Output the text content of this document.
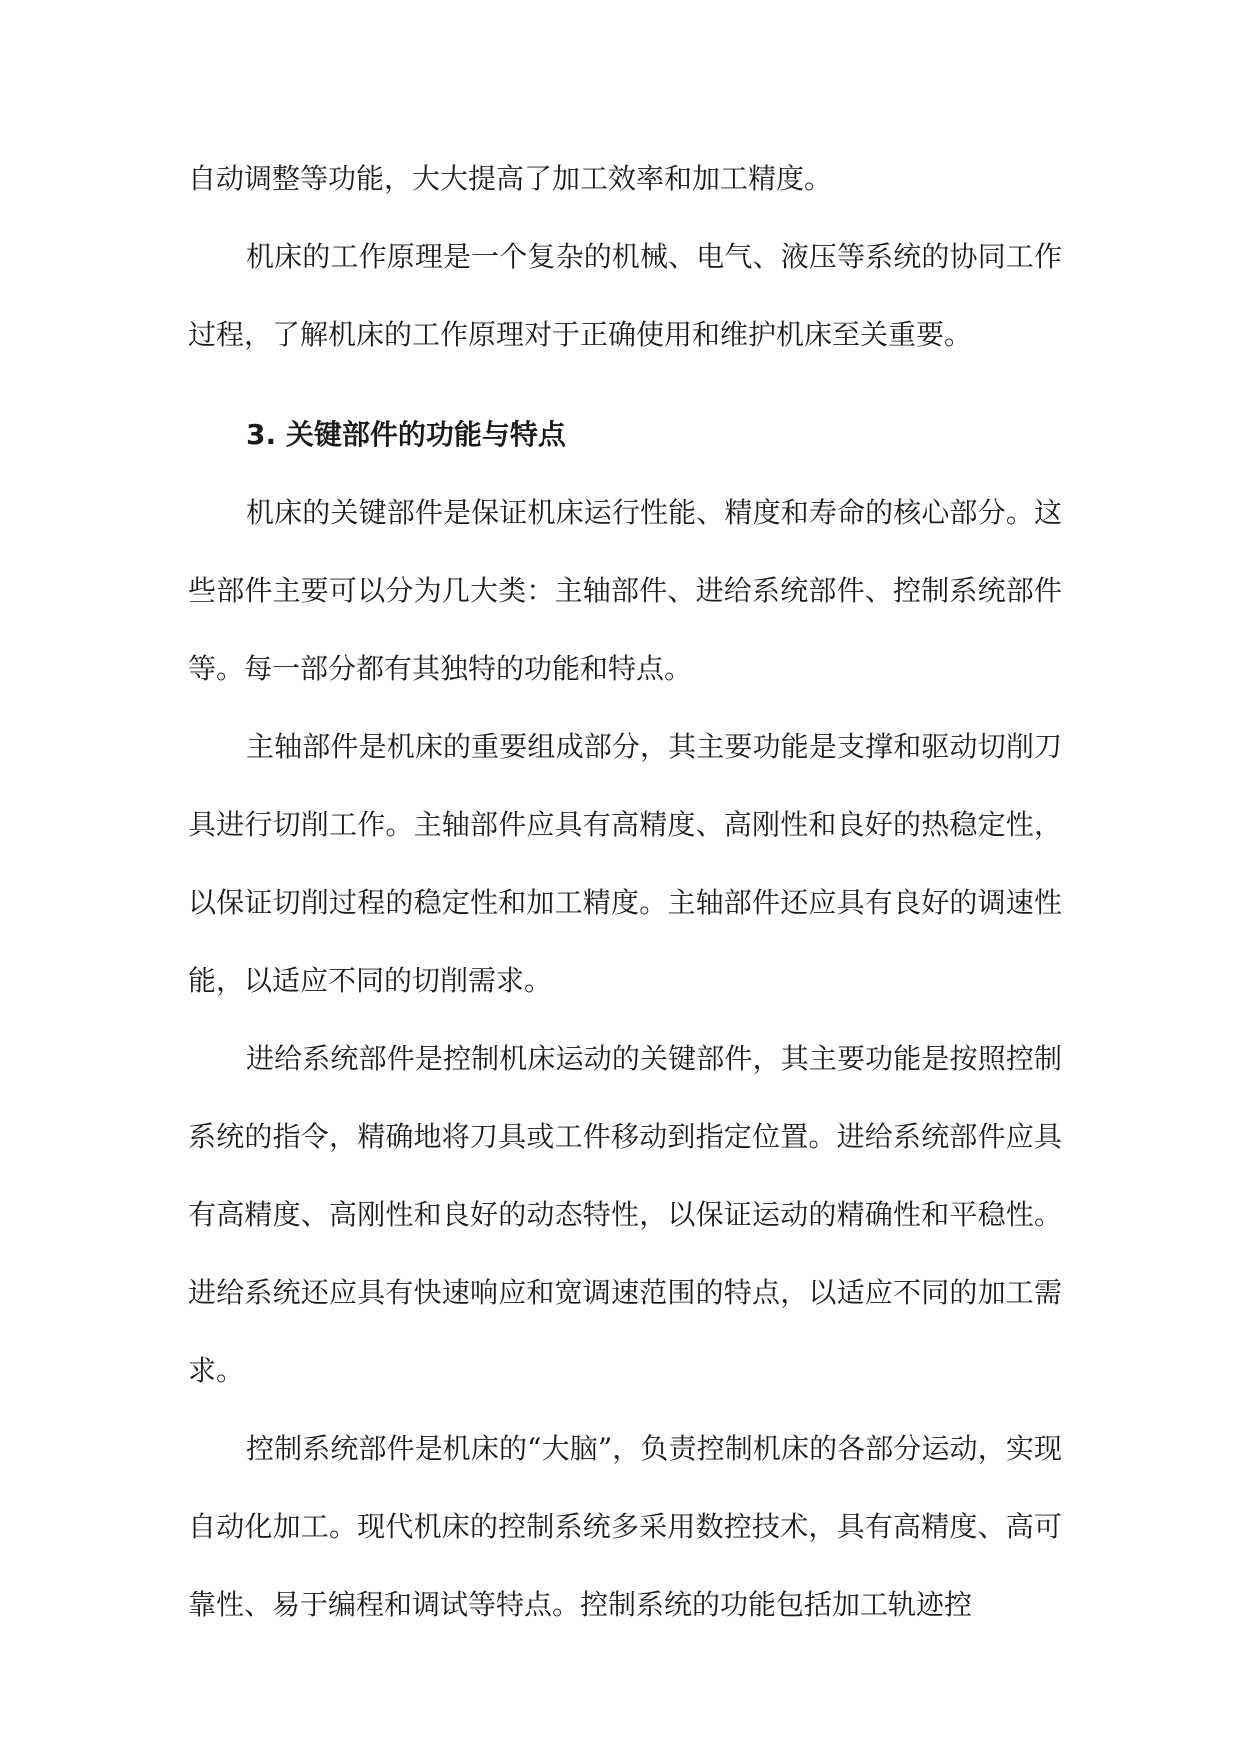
自动调整等功能，大大提高了加工效率和加工精度。

机床的工作原理是一个复杂的机械、电气、液压等系统的协同工作过程，了解机床的工作原理对于正确使用和维护机床至关重要。

3. 关键部件的功能与特点

机床的关键部件是保证机床运行性能、精度和寿命的核心部分。这些部件主要可以分为几大类：主轴部件、进给系统部件、控制系统部件等。每一部分都有其独特的功能和特点。

主轴部件是机床的重要组成部分，其主要功能是支撑和驱动切削刀具进行切削工作。主轴部件应具有高精度、高刚性和良好的热稳定性，以保证切削过程的稳定性和加工精度。主轴部件还应具有良好的调速性能，以适应不同的切削需求。

进给系统部件是控制机床运动的关键部件，其主要功能是按照控制系统的指令，精确地将刀具或工件移动到指定位置。进给系统部件应具有高精度、高刚性和良好的动态特性，以保证运动的精确性和平稳性。进给系统还应具有快速响应和宽调速范围的特点，以适应不同的加工需求。

控制系统部件是机床的“大脑”，负责控制机床的各部分运动，实现自动化加工。现代机床的控制系统多采用数控技术，具有高精度、高可靠性、易于编程和调试等特点。控制系统的功能包括加工轨迹控
